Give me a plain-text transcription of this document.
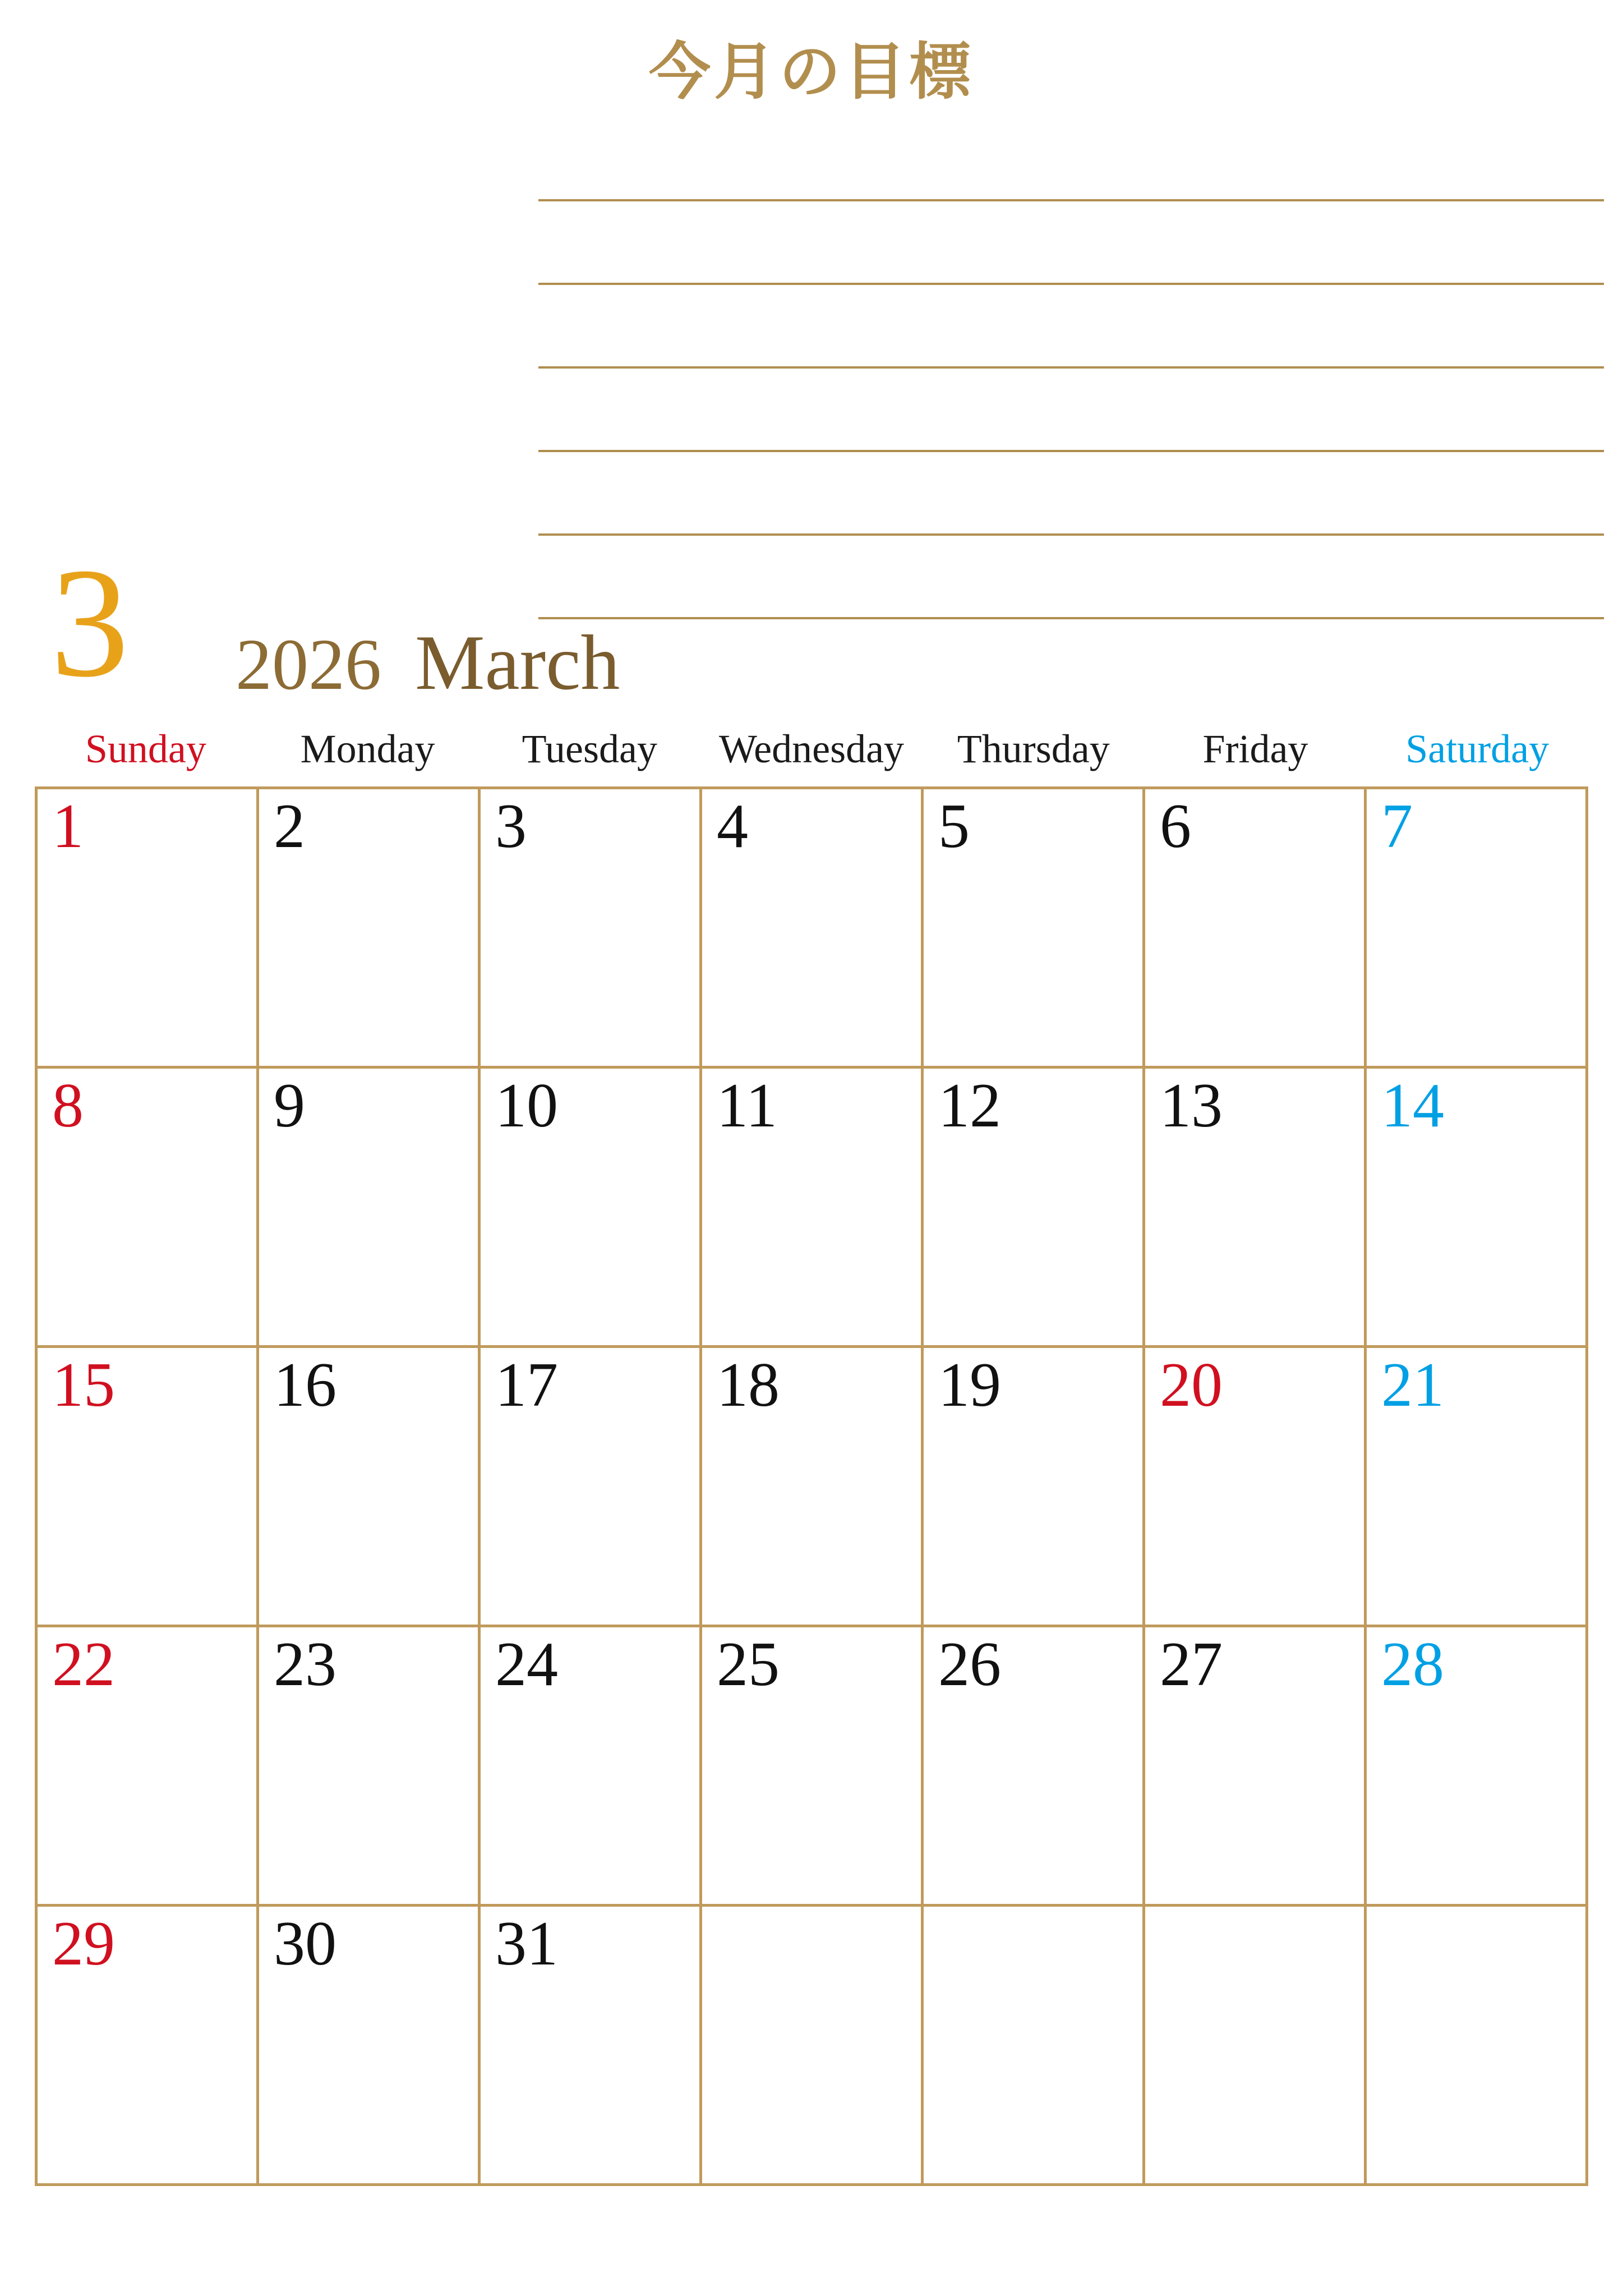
今月の目標
3 2026 March
Sunday	Monday	Tuesday	Wednesday	Thursday	Friday	Saturday
1	2	3	4	5	6	7
8	9	10	11	12	13	14
15	16	17	18	19	20	21
22	23	24	25	26	27	28
29	30	31
